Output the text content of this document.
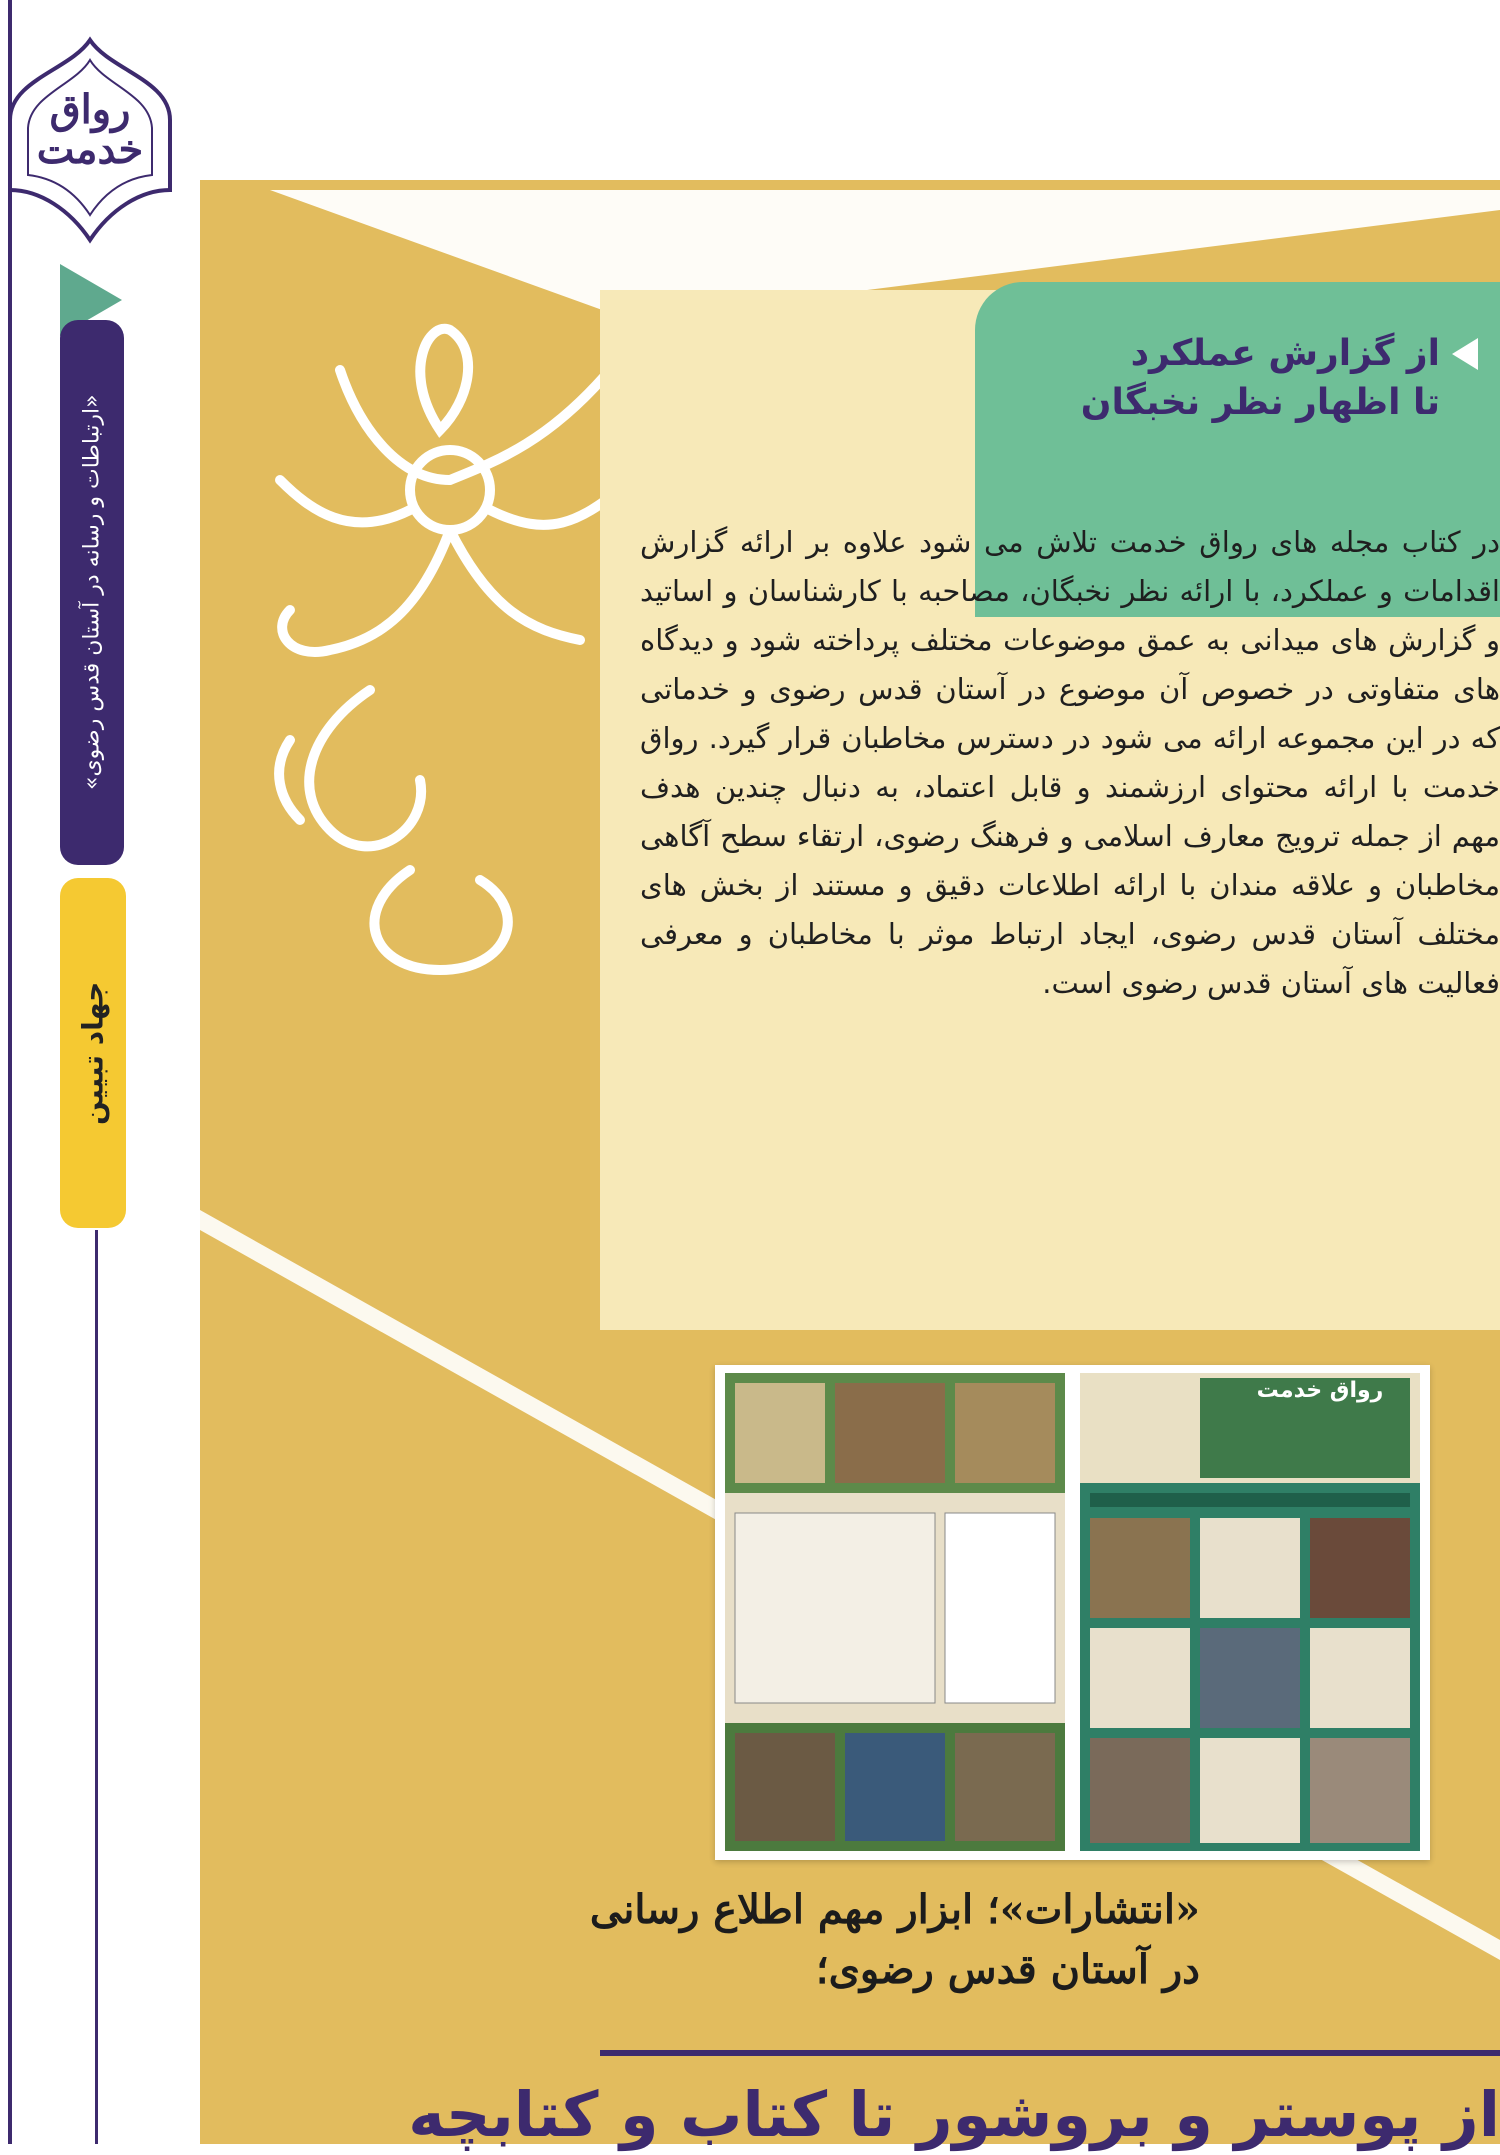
رواق خدمت
«ارتباطات و رسانه در آستان قدس رضوی»
جهاد تبیین
از گزارش عملکرد
تا اظهار نظر نخبگان
در کتاب مجله های رواق خدمت تلاش می شود علاوه بر ارائه گزارش اقدامات و عملکرد، با ارائه نظر نخبگان، مصاحبه با کارشناسان و اساتید و گزارش های میدانی به عمق موضوعات مختلف پرداخته شود و دیدگاه های متفاوتی در خصوص آن موضوع در آستان قدس رضوی و خدماتی که در این مجموعه ارائه می شود در دسترس مخاطبان قرار گیرد. رواق خدمت با ارائه محتوای ارزشمند و قابل اعتماد، به دنبال چندین هدف مهم از جمله ترویج معارف اسلامی و فرهنگ رضوی، ارتقاء سطح آگاهی مخاطبان و علاقه مندان با ارائه اطلاعات دقیق و مستند از بخش های مختلف آستان قدس رضوی، ایجاد ارتباط موثر با مخاطبان و معرفی فعالیت های آستان قدس رضوی است.
رواق خدمت
«انتشارات»؛ ابزار مهم اطلاع رسانی
در آستان قدس رضوی؛
از پوستر و بروشور تا کتاب و کتابچه
